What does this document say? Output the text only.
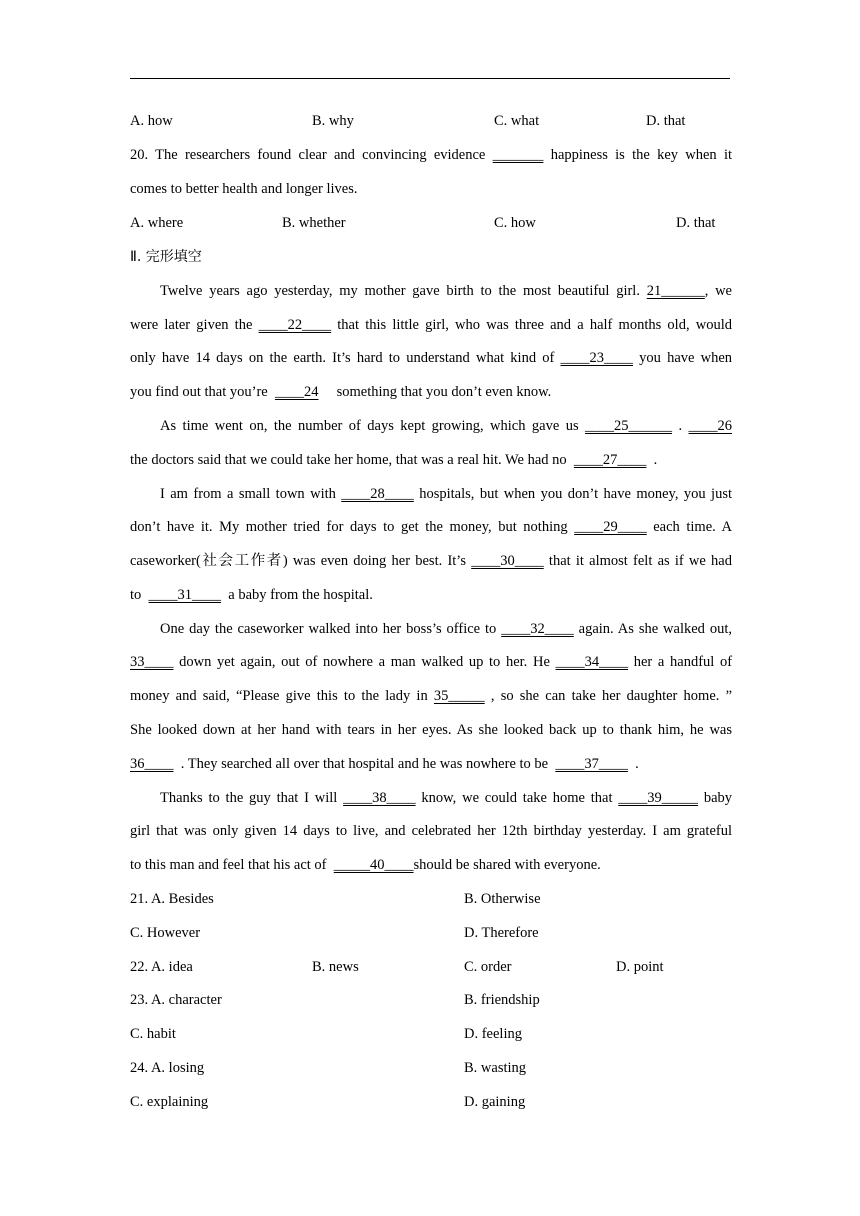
A. how	B. why	C. what	D. that
20. The researchers found clear and convincing evidence _______ happiness is the key when it
comes to better health and longer lives.
A. where	B. whether	C. how	D. that
Ⅱ. 完形填空
Twelve years ago yesterday, my mother gave birth to the most beautiful girl. 21______, we
were later given the ____22____ that this little girl, who was three and a half months old, would
only have 14 days on the earth. It’s hard to understand what kind of ____23____ you have when
you find out that you’re ____24 something that you don’t even know.
As time went on, the number of days kept growing, which gave us ____25______ . ____26
the doctors said that we could take her home, that was a real hit. We had no ____27____ .
I am from a small town with ____28____ hospitals, but when you don’t have money, you just
don’t have it. My mother tried for days to get the money, but nothing ____29____ each time. A
caseworker(社会工作者) was even doing her best. It’s ____30____ that it almost felt as if we had
to ____31____ a baby from the hospital.
One day the caseworker walked into her boss’s office to ____32____ again. As she walked out,
33____ down yet again, out of nowhere a man walked up to her. He ____34____ her a handful of
money and said, “Please give this to the lady in 35_____ , so she can take her daughter home. ”
She looked down at her hand with tears in her eyes. As she looked back up to thank him, he was
36____ . They searched all over that hospital and he was nowhere to be ____37____ .
Thanks to the guy that I will ____38____ know, we could take home that ____39_____ baby
girl that was only given 14 days to live, and celebrated her 12th birthday yesterday. I am grateful
to this man and feel that his act of _____40____should be shared with everyone.
21. A. Besides	B. Otherwise
C. However	D. Therefore
22. A. idea	B. news	C. order	D. point
23. A. character	B. friendship
C. habit	D. feeling
24. A. losing	B. wasting
C. explaining	D. gaining
